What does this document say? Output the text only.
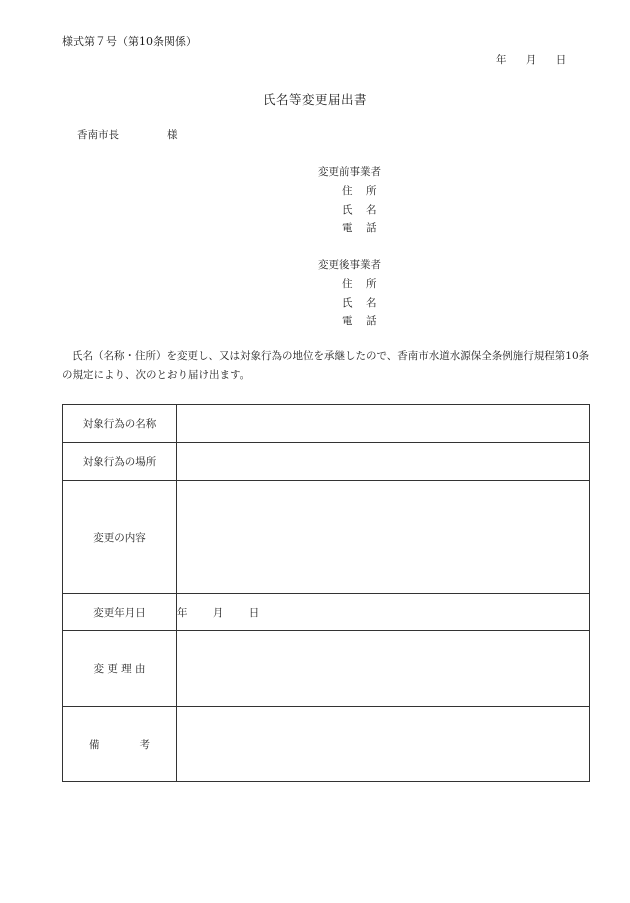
様式第７号（第10条関係）
年 月 日
氏名等変更届出書
香南市長	様
変更前事業者
住 所
氏 名
電 話
変更後事業者
住 所
氏 名
電 話
氏名（名称・住所）を変更し、又は対象行為の地位を承継したので、香南市水道水源保全条例施行規程第10条の規定により、次のとおり届け出ます。
対象行為の名称	
対象行為の場所	
変更の内容	
変更年月日	年 月 日
変 更 理 由	
備 考	
